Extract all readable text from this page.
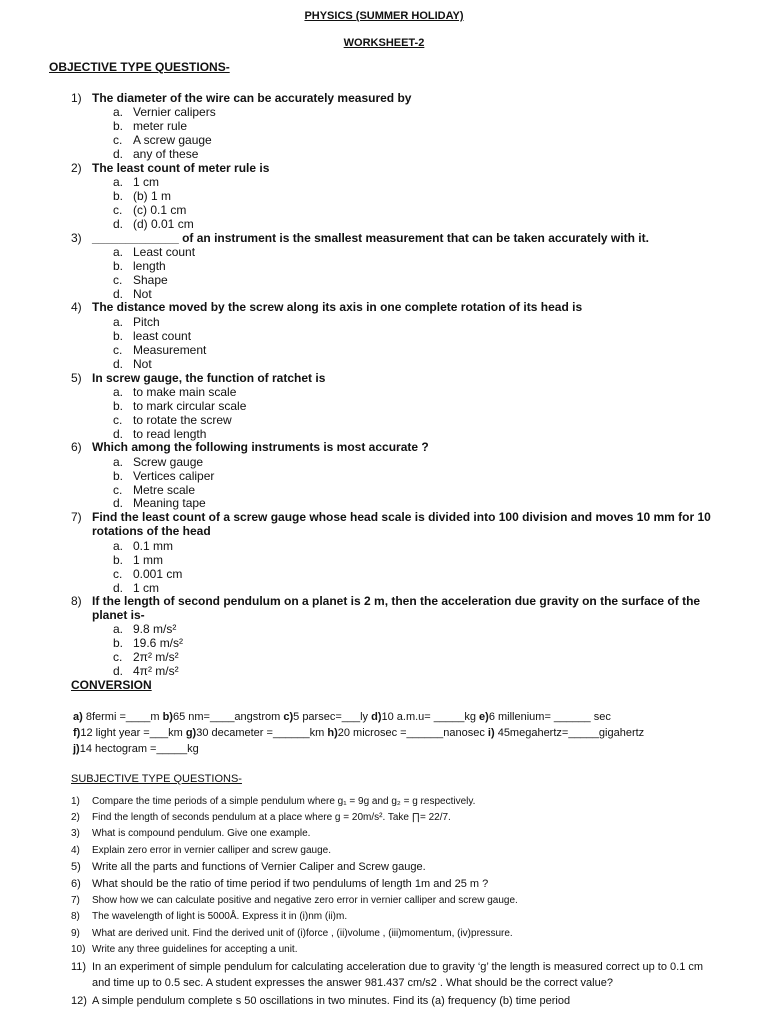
PHYSICS (SUMMER HOLIDAY)
WORKSHEET-2
OBJECTIVE TYPE QUESTIONS-
1) The diameter of the wire can be accurately measured by
a. Vernier calipers
b. meter rule
c. A screw gauge
d. any of these
2) The least count of meter rule is
a. 1 cm
b. (b) 1 m
c. (c) 0.1 cm
d. (d) 0.01 cm
3) _____________ of an instrument is the smallest measurement that can be taken accurately with it.
a. Least count
b. length
c. Shape
d. Not
4) The distance moved by the screw along its axis in one complete rotation of its head is
a. Pitch
b. least count
c. Measurement
d. Not
5) In screw gauge, the function of ratchet is
a. to make main scale
b. to mark circular scale
c. to rotate the screw
d. to read length
6) Which among the following instruments is most accurate ?
a. Screw gauge
b. Vertices caliper
c. Metre scale
d. Meaning tape
7) Find the least count of a screw gauge whose head scale is divided into 100 division and moves 10 mm for 10 rotations of the head
a. 0.1 mm
b. 1 mm
c. 0.001 cm
d. 1 cm
8) If the length of second pendulum on a planet is 2 m, then the acceleration due gravity on the surface of the planet is-
a. 9.8 m/s²
b. 19.6 m/s²
c. 2π² m/s²
d. 4π² m/s²
CONVERSION
a) 8fermi =____m b)65 nm=____angstrom c)5 parsec=___ly d)10 a.m.u= _____kg e)6 millenium= ______ sec
f)12 light year =___km g)30 decameter =______km h)20 microsec =______nanosec i) 45megahertz=_____gigahertz
j)14 hectogram =_____kg
SUBJECTIVE TYPE QUESTIONS-
1) Compare the time periods of a simple pendulum where g₁ = 9g and g₂ = g respectively.
2) Find the length of seconds pendulum at a place where g = 20m/s². Take ∏= 22/7.
3) What is compound pendulum. Give one example.
4) Explain zero error in vernier calliper and screw gauge.
5) Write all the parts and functions of Vernier Caliper and Screw gauge.
6) What should be the ratio of time period if two pendulums of length 1m and 25 m ?
7) Show how we can calculate positive and negative zero error in vernier calliper and screw gauge.
8) The wavelength of light is 5000Å. Express it in (i)nm (ii)m.
9) What are derived unit. Find the derived unit of (i)force , (ii)volume , (iii)momentum, (iv)pressure.
10) Write any three guidelines for accepting a unit.
11) In an experiment of simple pendulum for calculating acceleration due to gravity ‘g’ the length is measured correct up to 0.1 cm and time up to 0.5 sec. A student expresses the answer 981.437 cm/s2 . What should be the correct value?
12) A simple pendulum complete s 50 oscillations in two minutes. Find its (a) frequency (b) time period
